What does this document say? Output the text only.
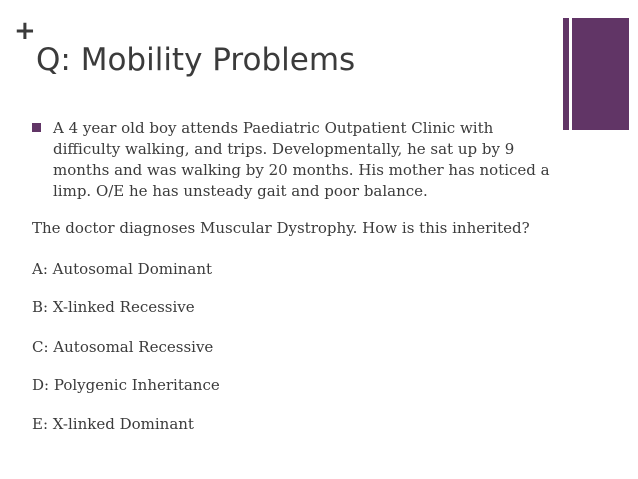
+
Q: Mobility Problems
A 4 year old boy attends Paediatric Outpatient Clinic with
difficulty walking, and trips. Developmentally, he sat up by 9
months and was walking by 20 months. His mother has noticed a
limp. O/E he has unsteady gait and poor balance.
The doctor diagnoses Muscular Dystrophy. How is this inherited?
A: Autosomal Dominant
B: X-linked Recessive
C: Autosomal Recessive
D: Polygenic Inheritance
E: X-linked Dominant
